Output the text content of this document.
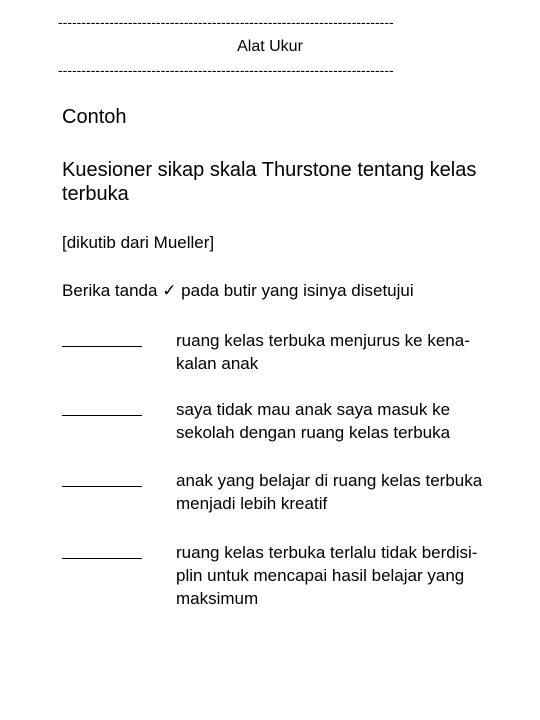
------------------------------------------------------------------------
Alat Ukur
------------------------------------------------------------------------
Contoh
Kuesioner sikap skala Thurstone tentang kelas terbuka
[dikutib dari Mueller]
Berika tanda ✓ pada butir yang isinya disetujui
ruang kelas terbuka menjurus ke kena-
kalan anak
saya tidak mau anak saya masuk ke
sekolah dengan ruang kelas terbuka
anak yang belajar di ruang kelas terbuka
menjadi lebih kreatif
ruang kelas terbuka terlalu tidak berdisi-
plin untuk mencapai hasil belajar yang
maksimum
